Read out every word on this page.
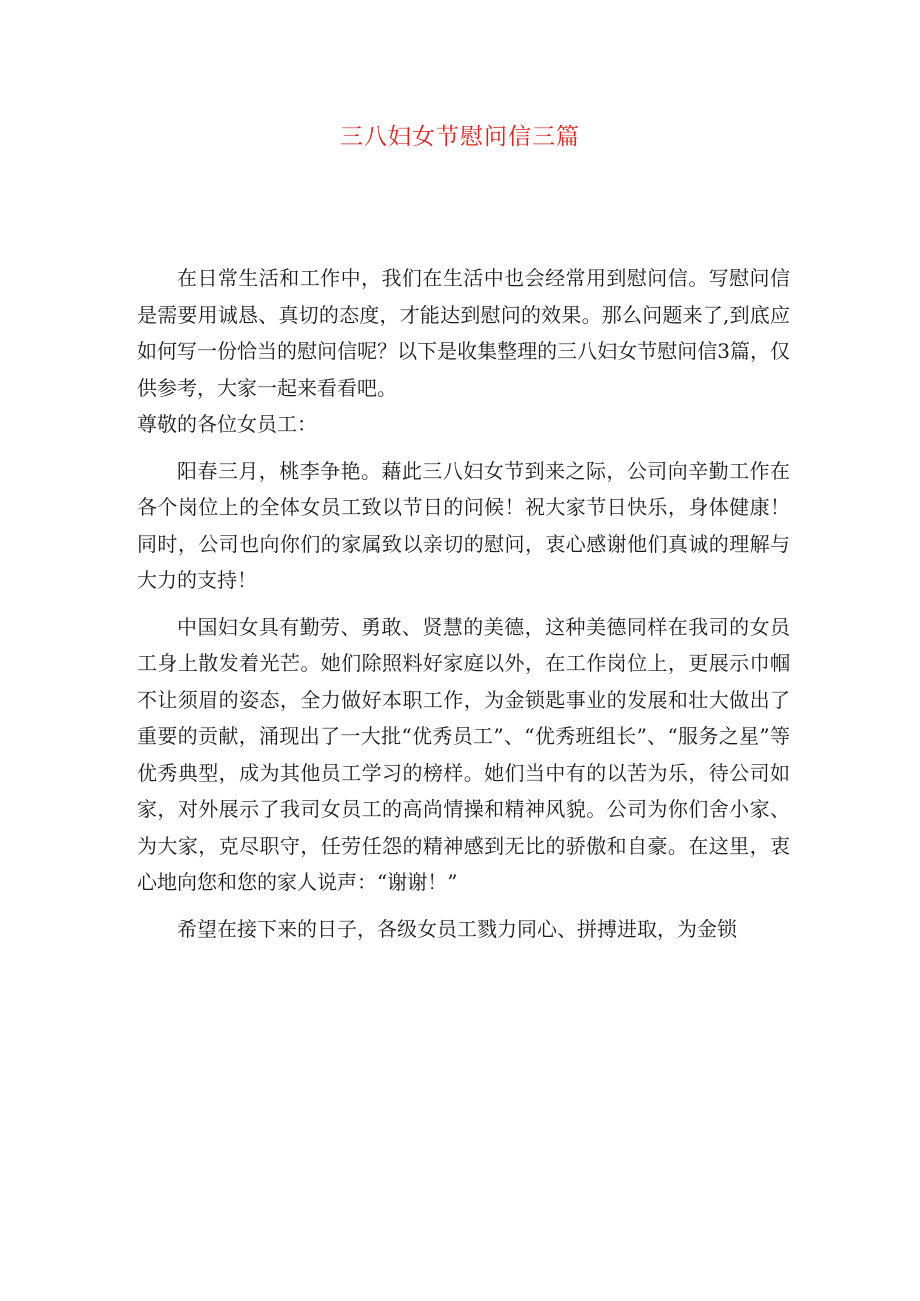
三八妇女节慰问信三篇

在日常生活和工作中，我们在生活中也会经常用到慰问信。写慰问信是需要用诚恳、真切的态度，才能达到慰问的效果。那么问题来了,到底应如何写一份恰当的慰问信呢？以下是收集整理的三八妇女节慰问信3篇，仅供参考，大家一起来看看吧。

尊敬的各位女员工：

阳春三月，桃李争艳。藉此三八妇女节到来之际，公司向辛勤工作在各个岗位上的全体女员工致以节日的问候！祝大家节日快乐，身体健康！同时，公司也向你们的家属致以亲切的慰问，衷心感谢他们真诚的理解与大力的支持！

中国妇女具有勤劳、勇敢、贤慧的美德，这种美德同样在我司的女员工身上散发着光芒。她们除照料好家庭以外，在工作岗位上，更展示巾帼不让须眉的姿态，全力做好本职工作，为金锁匙事业的发展和壮大做出了重要的贡献，涌现出了一大批“优秀员工”、“优秀班组长”、“服务之星”等优秀典型，成为其他员工学习的榜样。她们当中有的以苦为乐，待公司如家，对外展示了我司女员工的高尚情操和精神风貌。公司为你们舍小家、为大家，克尽职守，任劳任怨的精神感到无比的骄傲和自豪。在这里，衷心地向您和您的家人说声：“谢谢！”

希望在接下来的日子，各级女员工戮力同心、拼搏进取，为金锁
